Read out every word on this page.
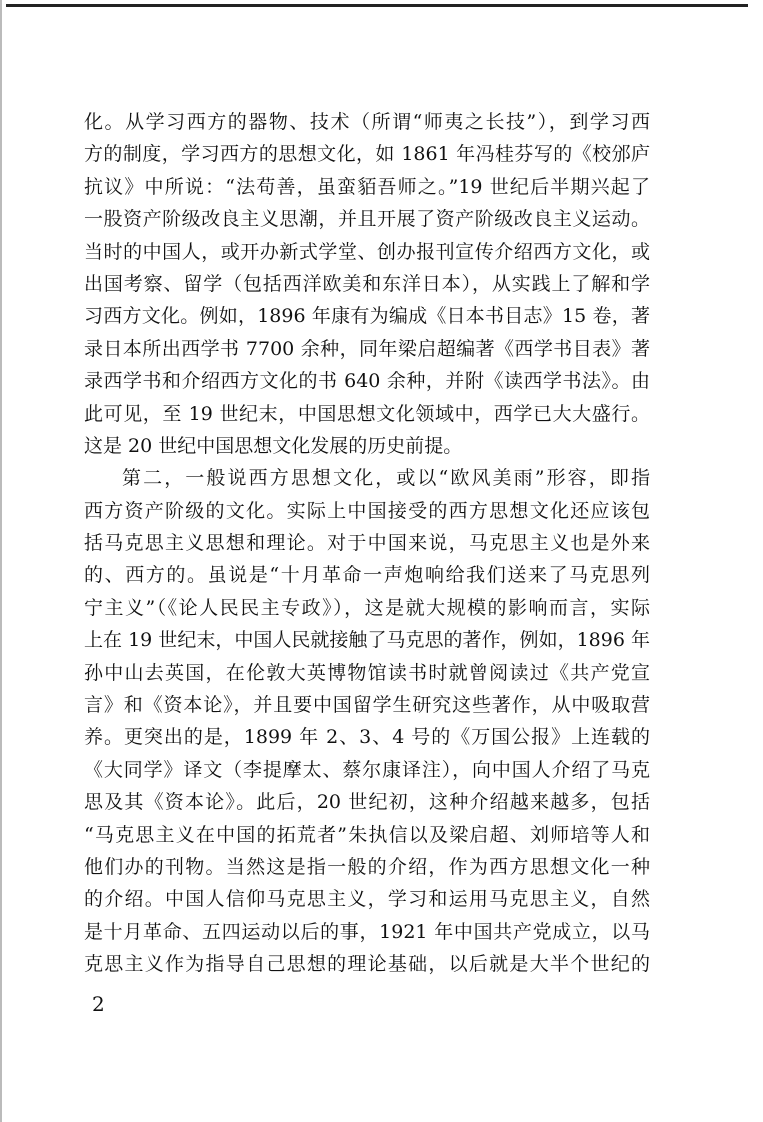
化。从学习西方的器物、技术（所谓“师夷之长技”），到学习西
方的制度，学习西方的思想文化，如 1861 年冯桂芬写的《校邠庐
抗议》中所说：“法苟善，虽蛮貊吾师之。”19 世纪后半期兴起了
一股资产阶级改良主义思潮，并且开展了资产阶级改良主义运动。
当时的中国人，或开办新式学堂、创办报刊宣传介绍西方文化，或
出国考察、留学（包括西洋欧美和东洋日本），从实践上了解和学
习西方文化。例如，1896 年康有为编成《日本书目志》15 卷，著
录日本所出西学书 7700 余种，同年梁启超编著《西学书目表》著
录西学书和介绍西方文化的书 640 余种，并附《读西学书法》。由
此可见，至 19 世纪末，中国思想文化领域中，西学已大大盛行。
这是 20 世纪中国思想文化发展的历史前提。
第二，一般说西方思想文化，或以“欧风美雨”形容，即指
西方资产阶级的文化。实际上中国接受的西方思想文化还应该包
括马克思主义思想和理论。对于中国来说，马克思主义也是外来
的、西方的。虽说是“十月革命一声炮响给我们送来了马克思列
宁主义”（《论人民民主专政》），这是就大规模的影响而言，实际
上在 19 世纪末，中国人民就接触了马克思的著作，例如，1896 年
孙中山去英国，在伦敦大英博物馆读书时就曾阅读过《共产党宣
言》和《资本论》，并且要中国留学生研究这些著作，从中吸取营
养。更突出的是，1899 年 2、3、4 号的《万国公报》上连载的
《大同学》译文（李提摩太、蔡尔康译注），向中国人介绍了马克
思及其《资本论》。此后，20 世纪初，这种介绍越来越多，包括
“马克思主义在中国的拓荒者”朱执信以及梁启超、刘师培等人和
他们办的刊物。当然这是指一般的介绍，作为西方思想文化一种
的介绍。中国人信仰马克思主义，学习和运用马克思主义，自然
是十月革命、五四运动以后的事，1921 年中国共产党成立，以马
克思主义作为指导自己思想的理论基础，以后就是大半个世纪的
2
